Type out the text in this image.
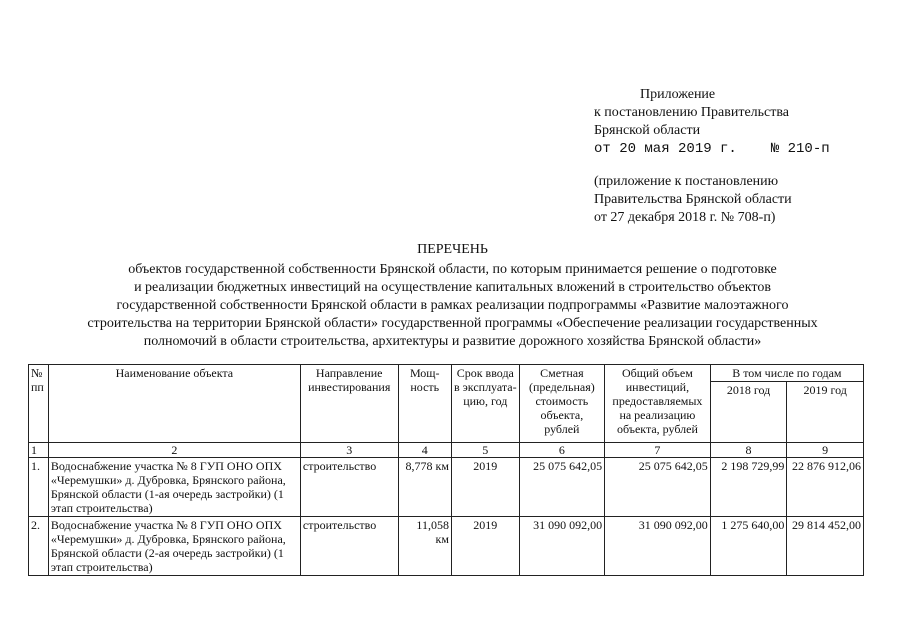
Приложение
к постановлению Правительства
Брянской области
от 20 мая 2019 г. № 210-п
(приложение к постановлению
Правительства Брянской области
от 27 декабря 2018 г. № 708-п)
ПЕРЕЧЕНЬ
объектов государственной собственности Брянской области, по которым принимается решение о подготовке
и реализации бюджетных инвестиций на осуществление капитальных вложений в строительство объектов
государственной собственности Брянской области в рамках реализации подпрограммы «Развитие малоэтажного
строительства на территории Брянской области» государственной программы «Обеспечение реализации государственных
полномочий в области строительства, архитектуры и развитие дорожного хозяйства Брянской области»
№ пп	Наименование объекта	Направление инвестирования	Мощ-ность	Срок ввода в эксплуата-цию, год	Сметная (предельная) стоимость объекта, рублей	Общий объем инвестиций, предоставляемых на реализацию объекта, рублей	В том числе по годам	
							2018 год	2019 год
1	2	3	4	5	6	7	8	9
1.	Водоснабжение участка № 8 ГУП ОНО ОПХ «Черемушки» д. Дубровка, Брянского района, Брянской области (1-ая очередь застройки) (1 этап строительства)	строительство	8,778 км	2019	25 075 642,05	25 075 642,05	2 198 729,99	22 876 912,06
2.	Водоснабжение участка № 8 ГУП ОНО ОПХ «Черемушки» д. Дубровка, Брянского района, Брянской области (2-ая очередь застройки) (1 этап строительства)	строительство	11,058 км	2019	31 090 092,00	31 090 092,00	1 275 640,00	29 814 452,00
